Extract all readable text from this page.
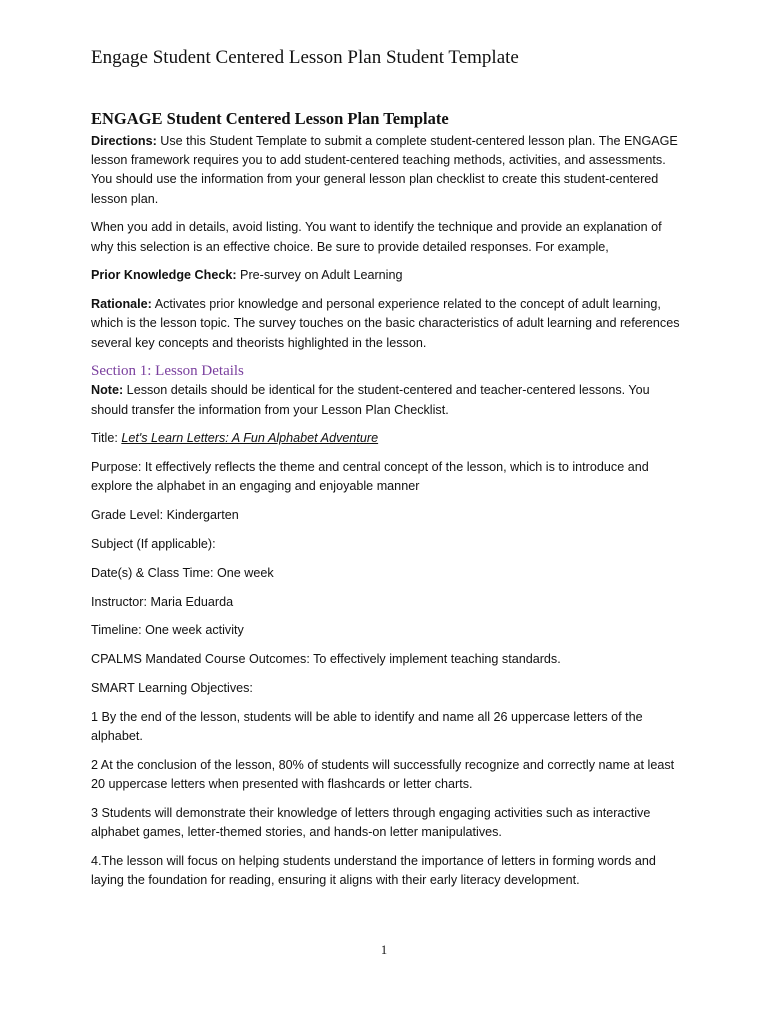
Engage Student Centered Lesson Plan Student Template
ENGAGE Student Centered Lesson Plan Template

Directions: Use this Student Template to submit a complete student-centered lesson plan. The ENGAGE lesson framework requires you to add student-centered teaching methods, activities, and assessments. You should use the information from your general lesson plan checklist to create this student-centered lesson plan.

When you add in details, avoid listing. You want to identify the technique and provide an explanation of why this selection is an effective choice. Be sure to provide detailed responses. For example,

Prior Knowledge Check: Pre-survey on Adult Learning

Rationale: Activates prior knowledge and personal experience related to the concept of adult learning, which is the lesson topic. The survey touches on the basic characteristics of adult learning and references several key concepts and theorists highlighted in the lesson.

Section 1: Lesson Details

Note: Lesson details should be identical for the student-centered and teacher-centered lessons. You should transfer the information from your Lesson Plan Checklist.

Title: Let's Learn Letters: A Fun Alphabet Adventure

Purpose: It effectively reflects the theme and central concept of the lesson, which is to introduce and explore the alphabet in an engaging and enjoyable manner

Grade Level: Kindergarten

Subject (If applicable):

Date(s) & Class Time: One week

Instructor: Maria Eduarda

Timeline: One week activity

CPALMS Mandated Course Outcomes: To effectively implement teaching standards.

SMART Learning Objectives:

1 By the end of the lesson, students will be able to identify and name all 26 uppercase letters of the alphabet.

2 At the conclusion of the lesson, 80% of students will successfully recognize and correctly name at least 20 uppercase letters when presented with flashcards or letter charts.

3 Students will demonstrate their knowledge of letters through engaging activities such as interactive alphabet games, letter-themed stories, and hands-on letter manipulatives.

4.The lesson will focus on helping students understand the importance of letters in forming words and laying the foundation for reading, ensuring it aligns with their early literacy development.

1
